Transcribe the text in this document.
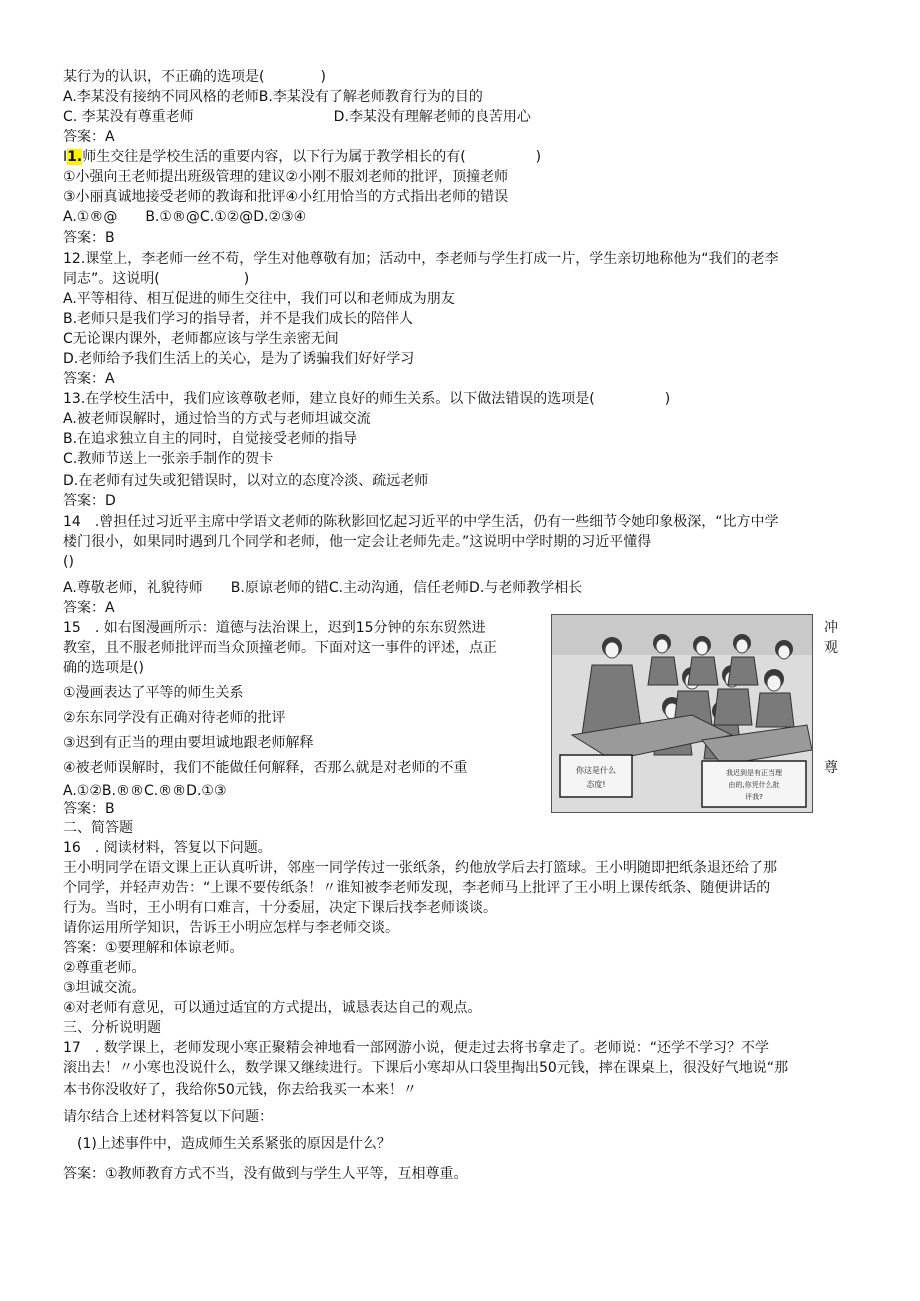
某行为的认识，不正确的选项是(　　　　)
A.李某没有接纳不同风格的老师B.李某没有了解老师教育行为的目的
C. 李某没有尊重老师　　　　　　　　　　D.李某没有理解老师的良苦用心
答案：A
I1.师生交往是学校生活的重要内容，以下行为属于教学相长的有(　　　　　)
①小强向王老师提出班级管理的建议②小刚不服刘老师的批评，顶撞老师
③小丽真诚地接受老师的教诲和批评④小红用恰当的方式指出老师的错误
A.①®@　　B.①®@C.①②@D.②③④
答案：B
12.课堂上，李老师一丝不苟，学生对他尊敬有加；活动中，李老师与学生打成一片，学生亲切地称他为“我们的老李
同志”。这说明(　　　　　　)
A.平等相待、相互促进的师生交往中，我们可以和老师成为朋友
B.老师只是我们学习的指导者，并不是我们成长的陪伴人
C无论课内课外，老师都应该与学生亲密无间
D.老师给予我们生活上的关心，是为了诱骗我们好好学习
答案：A
13.在学校生活中，我们应该尊敬老师，建立良好的师生关系。以下做法错误的选项是(　　　　　)
A.被老师误解时，通过恰当的方式与老师坦诚交流
B.在追求独立自主的同时，自觉接受老师的指导
C.教师节送上一张亲手制作的贺卡
D.在老师有过失或犯错误时，以对立的态度冷淡、疏远老师
答案：D
14　.曾担任过习近平主席中学语文老师的陈秋影回忆起习近平的中学生活，仍有一些细节令她印象极深，“比方中学
楼门很小，如果同时遇到几个同学和老师，他一定会让老师先走。”这说明中学时期的习近平懂得
()
A.尊敬老师，礼貌待师　　B.原谅老师的错C.主动沟通，信任老师D.与老师教学相长
答案：A
15　. 如右图漫画所示：道德与法治课上，迟到15分钟的东东贸然进
教室，且不服老师批评而当众顶撞老师。下面对这一事件的评述，点正
确的选项是()
①漫画表达了平等的师生关系
②东东同学没有正确对待老师的批评
③迟到有正当的理由要坦诚地跟老师解释
④被老师误解时，我们不能做任何解释，否那么就是对老师的不重
A.①②B.®®C.®®D.①③
答案：B
冲
观
尊
你这是什么
态度!
我迟到是有正当理
由的,你凭什么批
评我?
二、简答题
16　. 阅读材料，答复以下问题。
王小明同学在语文课上正认真听讲，邻座一同学传过一张纸条，约他放学后去打篮球。王小明随即把纸条退还给了那
个同学，并轻声劝告：“上课不要传纸条！〃谁知被李老师发现，李老师马上批评了王小明上课传纸条、随便讲话的
行为。当时，王小明有口难言，十分委屈，决定下课后找李老师谈谈。
请你运用所学知识，告诉王小明应怎样与李老师交谈。
答案：①要理解和体谅老师。
②尊重老师。
③坦诚交流。
④对老师有意见，可以通过适宜的方式提出，诚恳表达自己的观点。
三、分析说明题
17　. 数学课上，老师发现小寒正聚精会神地看一部网游小说，便走过去将书拿走了。老师说：“还学不学习？不学
滚出去！〃小寒也没说什么，数学课又继续进行。下课后小寒却从口袋里掏出50元钱，摔在课桌上，很没好气地说“那
本书你没收好了，我给你50元钱，你去给我买一本来！〃
请尔结合上述材料答复以下问题：
　(1)上述事件中，造成师生关系紧张的原因是什么？
答案：①教师教育方式不当，没有做到与学生人平等，互相尊重。
